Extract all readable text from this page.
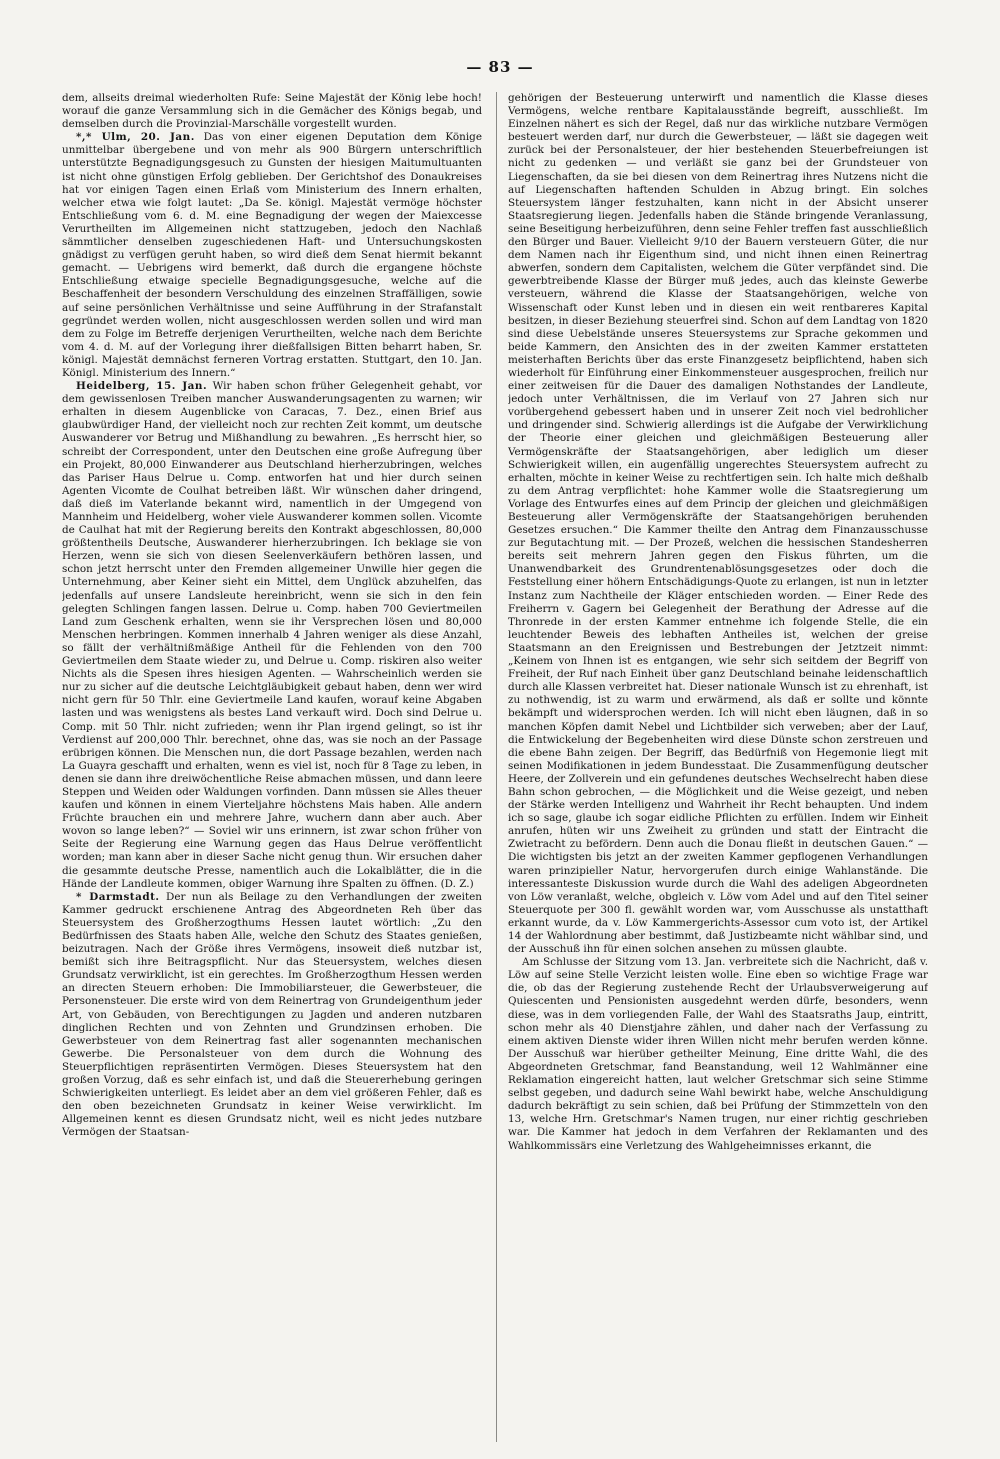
— 83 —

dem, allseits dreimal wiederholten Rufe: Seine Majestät der König lebe hoch! worauf die ganze Versammlung sich in die Gemächer des Königs begab, und demselben durch die Provinzial-Marschälle vorgestellt wurden.

*,* Ulm, 20. Jan. Das von einer eigenen Deputation dem Könige unmittelbar übergebene und von mehr als 900 Bürgern unterschriftlich unterstützte Begnadigungsgesuch zu Gunsten der hiesigen Maitumultuanten ist nicht ohne günstigen Erfolg geblieben. Der Gerichtshof des Donaukreises hat vor einigen Tagen einen Erlaß vom Ministerium des Innern erhalten, welcher etwa wie folgt lautet: „Da Se. königl. Majestät vermöge höchster Entschließung vom 6. d. M. eine Begnadigung der wegen der Maiexcesse Verurtheilten im Allgemeinen nicht stattzugeben, jedoch den Nachlaß sämmtlicher denselben zugeschiedenen Haft- und Untersuchungskosten gnädigst zu verfügen geruht haben, so wird dieß dem Senat hiermit bekannt gemacht. — Uebrigens wird bemerkt, daß durch die ergangene höchste Entschließung etwaige specielle Begnadigungsgesuche, welche auf die Beschaffenheit der besondern Verschuldung des einzelnen Straffälligen, sowie auf seine persönlichen Verhältnisse und seine Aufführung in der Strafanstalt gegründet werden wollen, nicht ausgeschlossen werden sollen und wird man dem zu Folge im Betreffe derjenigen Verurtheilten, welche nach dem Berichte vom 4. d. M. auf der Vorlegung ihrer dießfallsigen Bitten beharrt haben, Sr. königl. Majestät demnächst ferneren Vortrag erstatten. Stuttgart, den 10. Jan. Königl. Ministerium des Innern.“

Heidelberg, 15. Jan. Wir haben schon früher Gelegenheit gehabt, vor dem gewissenlosen Treiben mancher Auswanderungsagenten zu warnen; wir erhalten in diesem Augenblicke von Caracas, 7. Dez., einen Brief aus glaubwürdiger Hand, der vielleicht noch zur rechten Zeit kommt, um deutsche Auswanderer vor Betrug und Mißhandlung zu bewahren. „Es herrscht hier, so schreibt der Correspondent, unter den Deutschen eine große Aufregung über ein Projekt, 80,000 Einwanderer aus Deutschland hierherzubringen, welches das Pariser Haus Delrue u. Comp. entworfen hat und hier durch seinen Agenten Vicomte de Coulhat betreiben läßt. Wir wünschen daher dringend, daß dieß im Vaterlande bekannt wird, namentlich in der Umgegend von Mannheim und Heidelberg, woher viele Auswanderer kommen sollen. Vicomte de Caulhat hat mit der Regierung bereits den Kontrakt abgeschlossen, 80,000 größtentheils Deutsche, Auswanderer hierherzubringen. Ich beklage sie von Herzen, wenn sie sich von diesen Seelenverkäufern bethören lassen, und schon jetzt herrscht unter den Fremden allgemeiner Unwille hier gegen die Unternehmung, aber Keiner sieht ein Mittel, dem Unglück abzuhelfen, das jedenfalls auf unsere Landsleute hereinbricht, wenn sie sich in den fein gelegten Schlingen fangen lassen. Delrue u. Comp. haben 700 Geviertmeilen Land zum Geschenk erhalten, wenn sie ihr Versprechen lösen und 80,000 Menschen herbringen. Kommen innerhalb 4 Jahren weniger als diese Anzahl, so fällt der verhältnißmäßige Antheil für die Fehlenden von den 700 Geviertmeilen dem Staate wieder zu, und Delrue u. Comp. riskiren also weiter Nichts als die Spesen ihres hiesigen Agenten. — Wahrscheinlich werden sie nur zu sicher auf die deutsche Leichtgläubigkeit gebaut haben, denn wer wird nicht gern für 50 Thlr. eine Geviertmeile Land kaufen, worauf keine Abgaben lasten und was wenigstens als bestes Land verkauft wird. Doch sind Delrue u. Comp. mit 50 Thlr. nicht zufrieden; wenn ihr Plan irgend gelingt, so ist ihr Verdienst auf 200,000 Thlr. berechnet, ohne das, was sie noch an der Passage erübrigen können. Die Menschen nun, die dort Passage bezahlen, werden nach La Guayra geschafft und erhalten, wenn es viel ist, noch für 8 Tage zu leben, in denen sie dann ihre dreiwöchentliche Reise abmachen müssen, und dann leere Steppen und Weiden oder Waldungen vorfinden. Dann müssen sie Alles theuer kaufen und können in einem Vierteljahre höchstens Mais haben. Alle andern Früchte brauchen ein und mehrere Jahre, wuchern dann aber auch. Aber wovon so lange leben?“ — Soviel wir uns erinnern, ist zwar schon früher von Seite der Regierung eine Warnung gegen das Haus Delrue veröffentlicht worden; man kann aber in dieser Sache nicht genug thun. Wir ersuchen daher die gesammte deutsche Presse, namentlich auch die Lokalblätter, die in die Hände der Landleute kommen, obiger Warnung ihre Spalten zu öffnen. (D. Z.)

* Darmstadt. Der nun als Beilage zu den Verhandlungen der zweiten Kammer gedruckt erschienene Antrag des Abgeordneten Reh über das Steuersystem des Großherzogthums Hessen lautet wörtlich: „Zu den Bedürfnissen des Staats haben Alle, welche den Schutz des Staates genießen, beizutragen. Nach der Größe ihres Vermögens, insoweit dieß nutzbar ist, bemißt sich ihre Beitragspflicht. Nur das Steuersystem, welches diesen Grundsatz verwirklicht, ist ein gerechtes. Im Großherzogthum Hessen werden an directen Steuern erhoben: Die Immobiliarsteuer, die Gewerbsteuer, die Personensteuer. Die erste wird von dem Reinertrag von Grundeigenthum jeder Art, von Gebäuden, von Berechtigungen zu Jagden und anderen nutzbaren dinglichen Rechten und von Zehnten und Grundzinsen erhoben. Die Gewerbsteuer von dem Reinertrag fast aller sogenannten mechanischen Gewerbe. Die Personalsteuer von dem durch die Wohnung des Steuerpflichtigen repräsentirten Vermögen. Dieses Steuersystem hat den großen Vorzug, daß es sehr einfach ist, und daß die Steuererhebung geringen Schwierigkeiten unterliegt. Es leidet aber an dem viel größeren Fehler, daß es den oben bezeichneten Grundsatz in keiner Weise verwirklicht. Im Allgemeinen kennt es diesen Grundsatz nicht, weil es nicht jedes nutzbare Vermögen der Staatsan-

gehörigen der Besteuerung unterwirft und namentlich die Klasse dieses Vermögens, welche rentbare Kapitalausstände begreift, ausschließt. Im Einzelnen nähert es sich der Regel, daß nur das wirkliche nutzbare Vermögen besteuert werden darf, nur durch die Gewerbsteuer, — läßt sie dagegen weit zurück bei der Personalsteuer, der hier bestehenden Steuerbefreiungen ist nicht zu gedenken — und verläßt sie ganz bei der Grundsteuer von Liegenschaften, da sie bei diesen von dem Reinertrag ihres Nutzens nicht die auf Liegenschaften haftenden Schulden in Abzug bringt. Ein solches Steuersystem länger festzuhalten, kann nicht in der Absicht unserer Staatsregierung liegen. Jedenfalls haben die Stände bringende Veranlassung, seine Beseitigung herbeizuführen, denn seine Fehler treffen fast ausschließlich den Bürger und Bauer. Vielleicht 9/10 der Bauern versteuern Güter, die nur dem Namen nach ihr Eigenthum sind, und nicht ihnen einen Reinertrag abwerfen, sondern dem Capitalisten, welchem die Güter verpfändet sind. Die gewerbtreibende Klasse der Bürger muß jedes, auch das kleinste Gewerbe versteuern, während die Klasse der Staatsangehörigen, welche von Wissenschaft oder Kunst leben und in diesen ein weit rentbareres Kapital besitzen, in dieser Beziehung steuerfrei sind. Schon auf dem Landtag von 1820 sind diese Uebelstände unseres Steuersystems zur Sprache gekommen und beide Kammern, den Ansichten des in der zweiten Kammer erstatteten meisterhaften Berichts über das erste Finanzgesetz beipflichtend, haben sich wiederholt für Einführung einer Einkommensteuer ausgesprochen, freilich nur einer zeitweisen für die Dauer des damaligen Nothstandes der Landleute, jedoch unter Verhältnissen, die im Verlauf von 27 Jahren sich nur vorübergehend gebessert haben und in unserer Zeit noch viel bedrohlicher und dringender sind. Schwierig allerdings ist die Aufgabe der Verwirklichung der Theorie einer gleichen und gleichmäßigen Besteuerung aller Vermögenskräfte der Staatsangehörigen, aber lediglich um dieser Schwierigkeit willen, ein augenfällig ungerechtes Steuersystem aufrecht zu erhalten, möchte in keiner Weise zu rechtfertigen sein. Ich halte mich deßhalb zu dem Antrag verpflichtet: hohe Kammer wolle die Staatsregierung um Vorlage des Entwurfes eines auf dem Princip der gleichen und gleichmäßigen Besteuerung aller Vermögenskräfte der Staatsangehörigen beruhenden Gesetzes ersuchen.“ Die Kammer theilte den Antrag dem Finanzausschusse zur Begutachtung mit. — Der Prozeß, welchen die hessischen Standesherren bereits seit mehrern Jahren gegen den Fiskus führten, um die Unanwendbarkeit des Grundrentenablösungsgesetzes oder doch die Feststellung einer höhern Entschädigungs-Quote zu erlangen, ist nun in letzter Instanz zum Nachtheile der Kläger entschieden worden. — Einer Rede des Freiherrn v. Gagern bei Gelegenheit der Berathung der Adresse auf die Thronrede in der ersten Kammer entnehme ich folgende Stelle, die ein leuchtender Beweis des lebhaften Antheiles ist, welchen der greise Staatsmann an den Ereignissen und Bestrebungen der Jetztzeit nimmt: „Keinem von Ihnen ist es entgangen, wie sehr sich seitdem der Begriff von Freiheit, der Ruf nach Einheit über ganz Deutschland beinahe leidenschaftlich durch alle Klassen verbreitet hat. Dieser nationale Wunsch ist zu ehrenhaft, ist zu nothwendig, ist zu warm und erwärmend, als daß er sollte und könnte bekämpft und widersprochen werden. Ich will nicht eben läugnen, daß in so manchen Köpfen damit Nebel und Lichtbilder sich verweben; aber der Lauf, die Entwickelung der Begebenheiten wird diese Dünste schon zerstreuen und die ebene Bahn zeigen. Der Begriff, das Bedürfniß von Hegemonie liegt mit seinen Modifikationen in jedem Bundesstaat. Die Zusammenfügung deutscher Heere, der Zollverein und ein gefundenes deutsches Wechselrecht haben diese Bahn schon gebrochen, — die Möglichkeit und die Weise gezeigt, und neben der Stärke werden Intelligenz und Wahrheit ihr Recht behaupten. Und indem ich so sage, glaube ich sogar eidliche Pflichten zu erfüllen. Indem wir Einheit anrufen, hüten wir uns Zweiheit zu gründen und statt der Eintracht die Zwietracht zu befördern. Denn auch die Donau fließt in deutschen Gauen.“ — Die wichtigsten bis jetzt an der zweiten Kammer gepflogenen Verhandlungen waren prinzipieller Natur, hervorgerufen durch einige Wahlanstände. Die interessanteste Diskussion wurde durch die Wahl des adeligen Abgeordneten von Löw veranlaßt, welche, obgleich v. Löw vom Adel und auf den Titel seiner Steuerquote per 300 fl. gewählt worden war, vom Ausschusse als unstatthaft erkannt wurde, da v. Löw Kammergerichts-Assessor cum voto ist, der Artikel 14 der Wahlordnung aber bestimmt, daß Justizbeamte nicht wählbar sind, und der Ausschuß ihn für einen solchen ansehen zu müssen glaubte.

Am Schlusse der Sitzung vom 13. Jan. verbreitete sich die Nachricht, daß v. Löw auf seine Stelle Verzicht leisten wolle. Eine eben so wichtige Frage war die, ob das der Regierung zustehende Recht der Urlaubsverweigerung auf Quiescenten und Pensionisten ausgedehnt werden dürfe, besonders, wenn diese, was in dem vorliegenden Falle, der Wahl des Staatsraths Jaup, eintritt, schon mehr als 40 Dienstjahre zählen, und daher nach der Verfassung zu einem aktiven Dienste wider ihren Willen nicht mehr berufen werden könne. Der Ausschuß war hierüber getheilter Meinung, Eine dritte Wahl, die des Abgeordneten Gretschmar, fand Beanstandung, weil 12 Wahlmänner eine Reklamation eingereicht hatten, laut welcher Gretschmar sich seine Stimme selbst gegeben, und dadurch seine Wahl bewirkt habe, welche Anschuldigung dadurch bekräftigt zu sein schien, daß bei Prüfung der Stimmzetteln von den 13, welche Hrn. Gretschmar's Namen trugen, nur einer richtig geschrieben war. Die Kammer hat jedoch in dem Verfahren der Reklamanten und des Wahlkommissärs eine Verletzung des Wahlgeheimnisses erkannt, die
